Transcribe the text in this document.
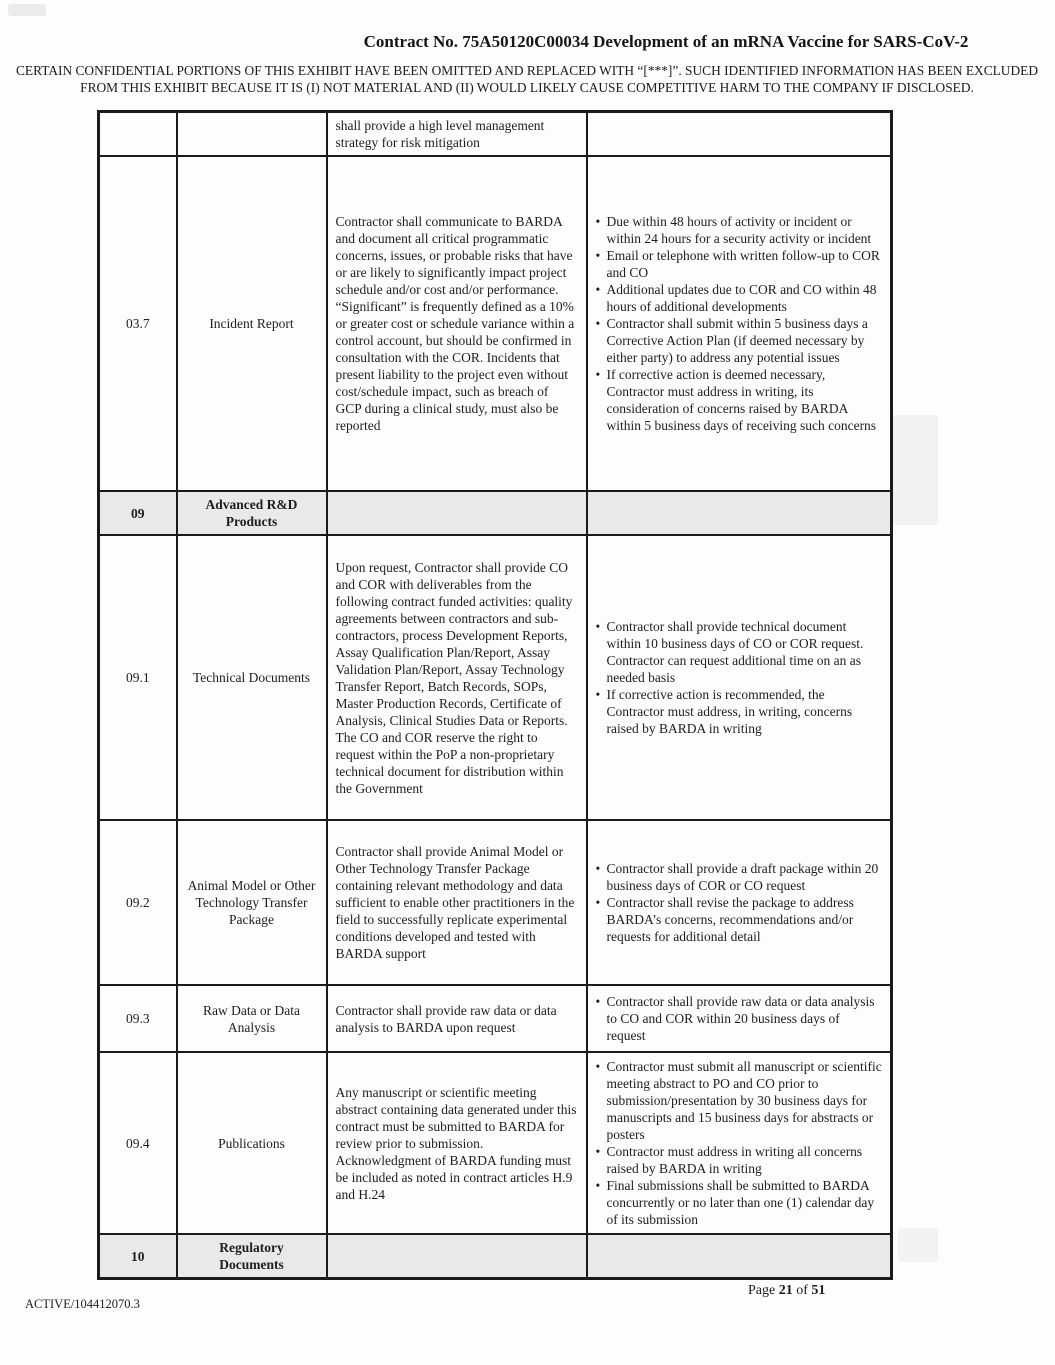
Contract No. 75A50120C00034 Development of an mRNA Vaccine for SARS-CoV-2
CERTAIN CONFIDENTIAL PORTIONS OF THIS EXHIBIT HAVE BEEN OMITTED AND REPLACED WITH “[***]”. SUCH IDENTIFIED INFORMATION HAS BEEN EXCLUDED FROM THIS EXHIBIT BECAUSE IT IS (I) NOT MATERIAL AND (II) WOULD LIKELY CAUSE COMPETITIVE HARM TO THE COMPANY IF DISCLOSED.
		shall provide a high level management strategy for risk mitigation	
03.7	Incident Report	Contractor shall communicate to BARDA and document all critical programmatic concerns, issues, or probable risks that have or are likely to significantly impact project schedule and/or cost and/or performance. “Significant” is frequently defined as a 10% or greater cost or schedule variance within a control account, but should be confirmed in consultation with the COR. Incidents that present liability to the project even without cost/schedule impact, such as breach of GCP during a clinical study, must also be reported	
• Due within 48 hours of activity or incident or within 24 hours for a security activity or incident
• Email or telephone with written follow-up to COR and CO
• Additional updates due to COR and CO within 48 hours of additional developments
• Contractor shall submit within 5 business days a Corrective Action Plan (if deemed necessary by either party) to address any potential issues
• If corrective action is deemed necessary, Contractor must address in writing, its consideration of concerns raised by BARDA within 5 business days of receiving such concerns

09	Advanced R&D Products		
09.1	Technical Documents	Upon request, Contractor shall provide CO and COR with deliverables from the following contract funded activities: quality agreements between contractors and sub-contractors, process Development Reports, Assay Qualification Plan/Report, Assay Validation Plan/Report, Assay Technology Transfer Report, Batch Records, SOPs, Master Production Records, Certificate of Analysis, Clinical Studies Data or Reports. The CO and COR reserve the right to request within the PoP a non-proprietary technical document for distribution within the Government	
• Contractor shall provide technical document within 10 business days of CO or COR request. Contractor can request additional time on an as needed basis
• If corrective action is recommended, the Contractor must address, in writing, concerns raised by BARDA in writing

09.2	Animal Model or Other Technology Transfer Package	Contractor shall provide Animal Model or Other Technology Transfer Package containing relevant methodology and data sufficient to enable other practitioners in the field to successfully replicate experimental conditions developed and tested with BARDA support	
• Contractor shall provide a draft package within 20 business days of COR or CO request
• Contractor shall revise the package to address BARDA’s concerns, recommendations and/or requests for additional detail

09.3	Raw Data or Data Analysis	Contractor shall provide raw data or data analysis to BARDA upon request	
• Contractor shall provide raw data or data analysis to CO and COR within 20 business days of request

09.4	Publications	Any manuscript or scientific meeting abstract containing data generated under this contract must be submitted to BARDA for review prior to submission. Acknowledgment of BARDA funding must be included as noted in contract articles H.9 and H.24	
• Contractor must submit all manuscript or scientific meeting abstract to PO and CO prior to submission/presentation by 30 business days for manuscripts and 15 business days for abstracts or posters
• Contractor must address in writing all concerns raised by BARDA in writing
• Final submissions shall be submitted to BARDA concurrently or no later than one (1) calendar day of its submission

10	Regulatory Documents		
ACTIVE/104412070.3
Page 21 of 51
